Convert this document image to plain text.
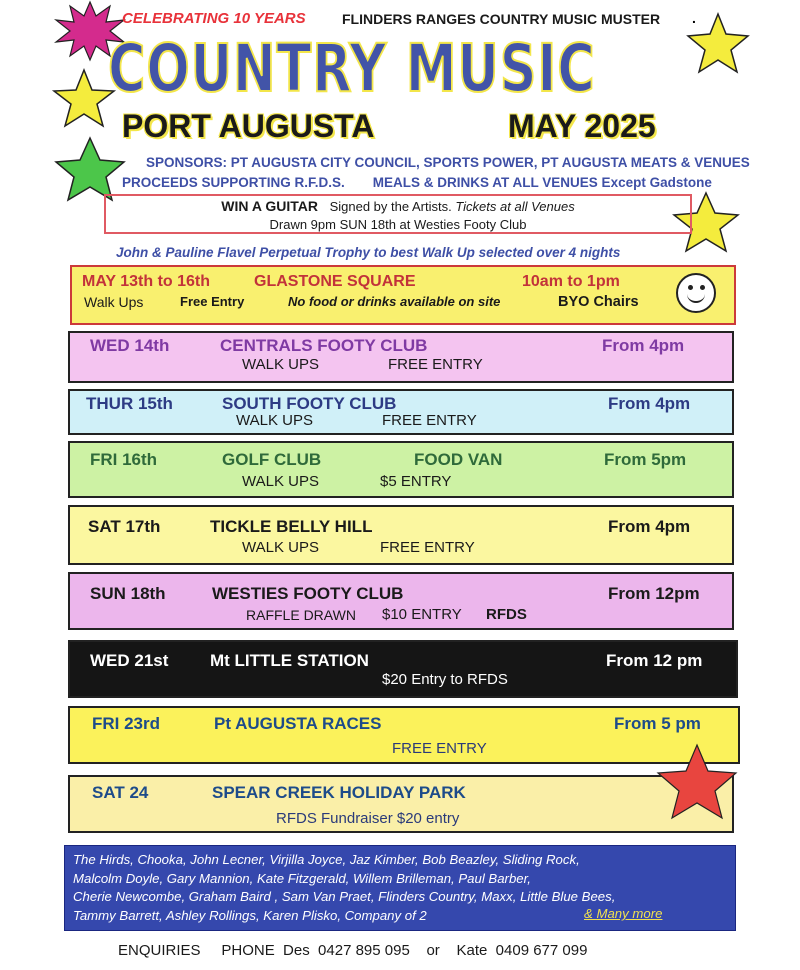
CELEBRATING 10 YEARS	FLINDERS RANGES COUNTRY MUSIC MUSTER .
COUNTRY MUSIC
PORT AUGUSTA	MAY 2025
SPONSORS: PT AUGUSTA CITY COUNCIL, SPORTS POWER, PT AUGUSTA MEATS & VENUES
PROCEEDS SUPPORTING R.F.D.S. MEALS & DRINKS AT ALL VENUES Except Gadstone
WIN A GUITAR Signed by the Artists. Tickets at all Venues
Drawn 9pm SUN 18th at Westies Footy Club
John & Pauline Flavel Perpetual Trophy to best Walk Up selected over 4 nights
MAY 13th to 16th	GLASTONE SQUARE	10am to 1pm
Walk Ups	Free Entry	No food or drinks available on site	BYO Chairs
WED 14th	CENTRALS FOOTY CLUB	From 4pm
WALK UPS	FREE ENTRY
THUR 15th	SOUTH FOOTY CLUB	From 4pm
WALK UPS	FREE ENTRY
FRI 16th	GOLF CLUB	FOOD VAN	From 5pm
WALK UPS	$5 ENTRY
SAT 17th	TICKLE BELLY HILL	From 4pm
WALK UPS	FREE ENTRY
SUN 18th	WESTIES FOOTY CLUB	From 12pm
RAFFLE DRAWN $10 ENTRY RFDS
WED 21st Mt LITTLE STATION	From 12 pm
$20 Entry to RFDS
FRI 23rd	Pt AUGUSTA RACES	From 5 pm
FREE ENTRY
SAT 24	SPEAR CREEK HOLIDAY PARK
RFDS Fundraiser $20 entry
The Hirds, Chooka, John Lecner, Virjilla Joyce, Jaz Kimber, Bob Beazley, Sliding Rock,
Malcolm Doyle, Gary Mannion, Kate Fitzgerald, Willem Brilleman, Paul Barber,
Cherie Newcombe, Graham Baird , Sam Van Praet, Flinders Country, Maxx, Little Blue Bees,
Tammy Barrett, Ashley Rollings, Karen Plisko, Company of 2	& Many more
ENQUIRIES     PHONE  Des  0427 895 095    or    Kate  0409 677 099
